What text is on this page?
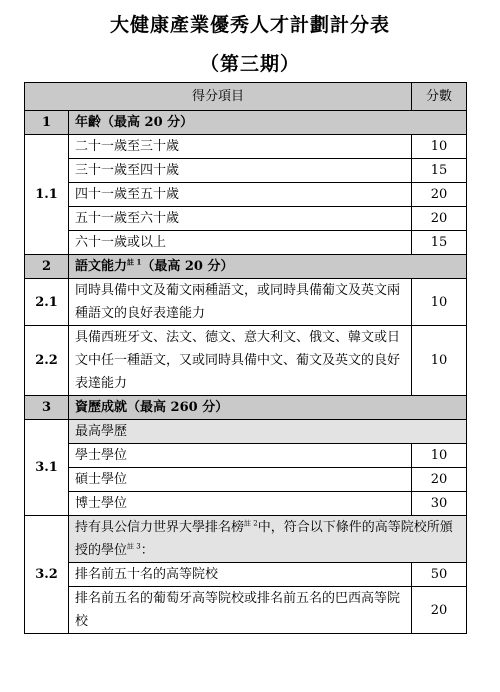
大健康產業優秀人才計劃計分表
（第三期）
得分項目		分數
1	年齡（最高 20 分）	
1.1	二十一歲至三十歲	10
	三十一歲至四十歲	15
	四十一歲至五十歲	20
	五十一歲至六十歲	20
	六十一歲或以上	15
2	語文能力$^{註 1}$（最高 20 分）	
2.1	同時具備中文及葡文兩種語文，或同時具備葡文及英文兩種語文的良好表達能力	10
2.2	具備西班牙文、法文、德文、意大利文、俄文、韓文或日文中任一種語文，又或同時具備中文、葡文及英文的良好表達能力	10
3	資歷成就（最高 260 分）	
3.1	最高學歷	
	學士學位	10
	碩士學位	20
	博士學位	30
3.2	持有具公信力世界大學排名榜$^{註 2}$中，符合以下條件的高等院校所頒授的學位$^{註 3}$：	
	排名前五十名的高等院校	50
	排名前五名的葡萄牙高等院校或排名前五名的巴西高等院校	20
